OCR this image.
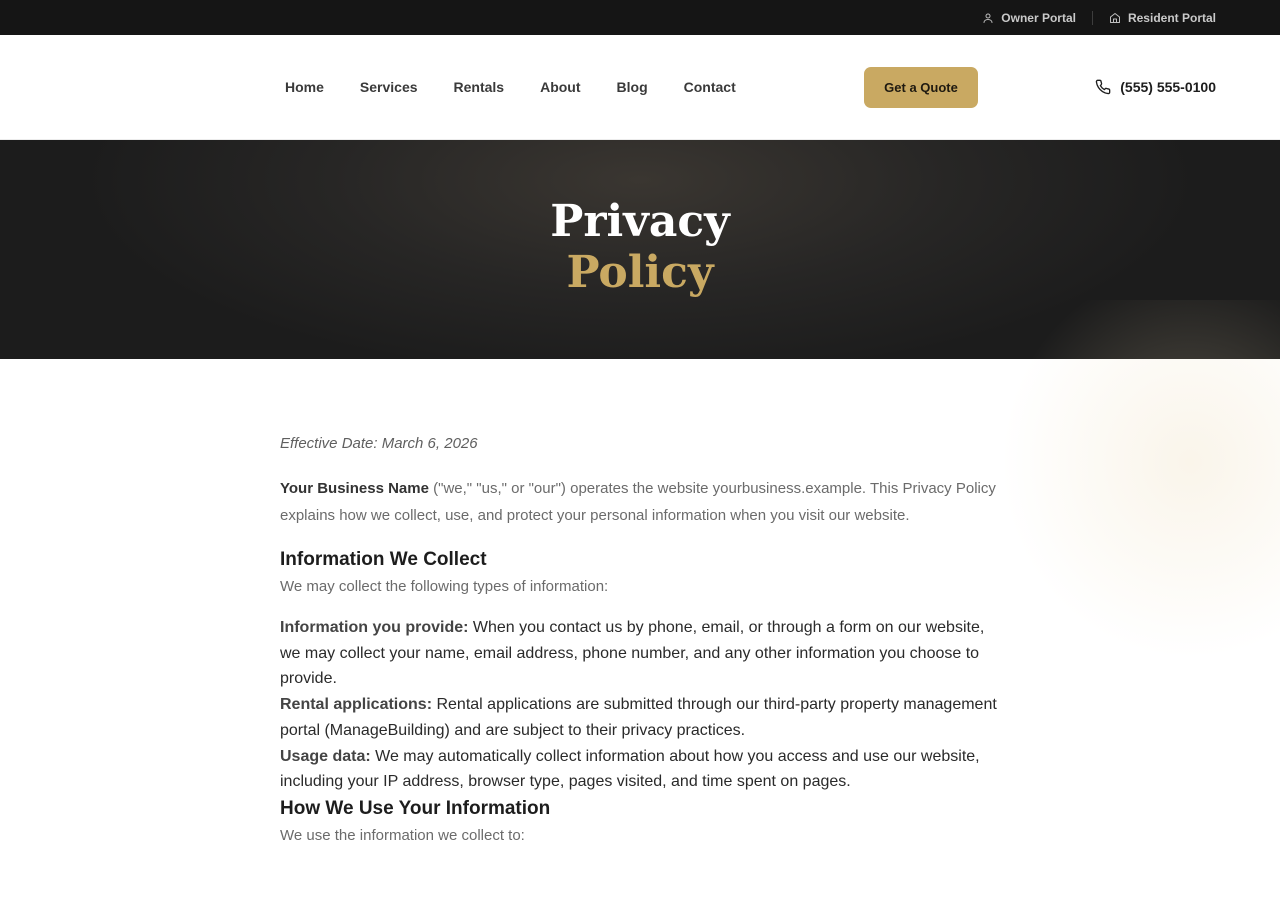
Owner Portal	Resident Portal
Home	Services	Rentals	About	Blog	Contact	Get a Quote	(555) 555-0100
Privacy
Policy

Effective Date: March 6, 2026

Your Business Name ("we," "us," or "our") operates the website yourbusiness.example. This Privacy Policy explains how we collect, use, and protect your personal information when you visit our website.

Information We Collect

We may collect the following types of information:

Information you provide: When you contact us by phone, email, or through a form on our website, we may collect your name, email address, phone number, and any other information you choose to provide.

Rental applications: Rental applications are submitted through our third-party property management portal (ManageBuilding) and are subject to their privacy practices.

Usage data: We may automatically collect information about how you access and use our website, including your IP address, browser type, pages visited, and time spent on pages.

How We Use Your Information

We use the information we collect to:
